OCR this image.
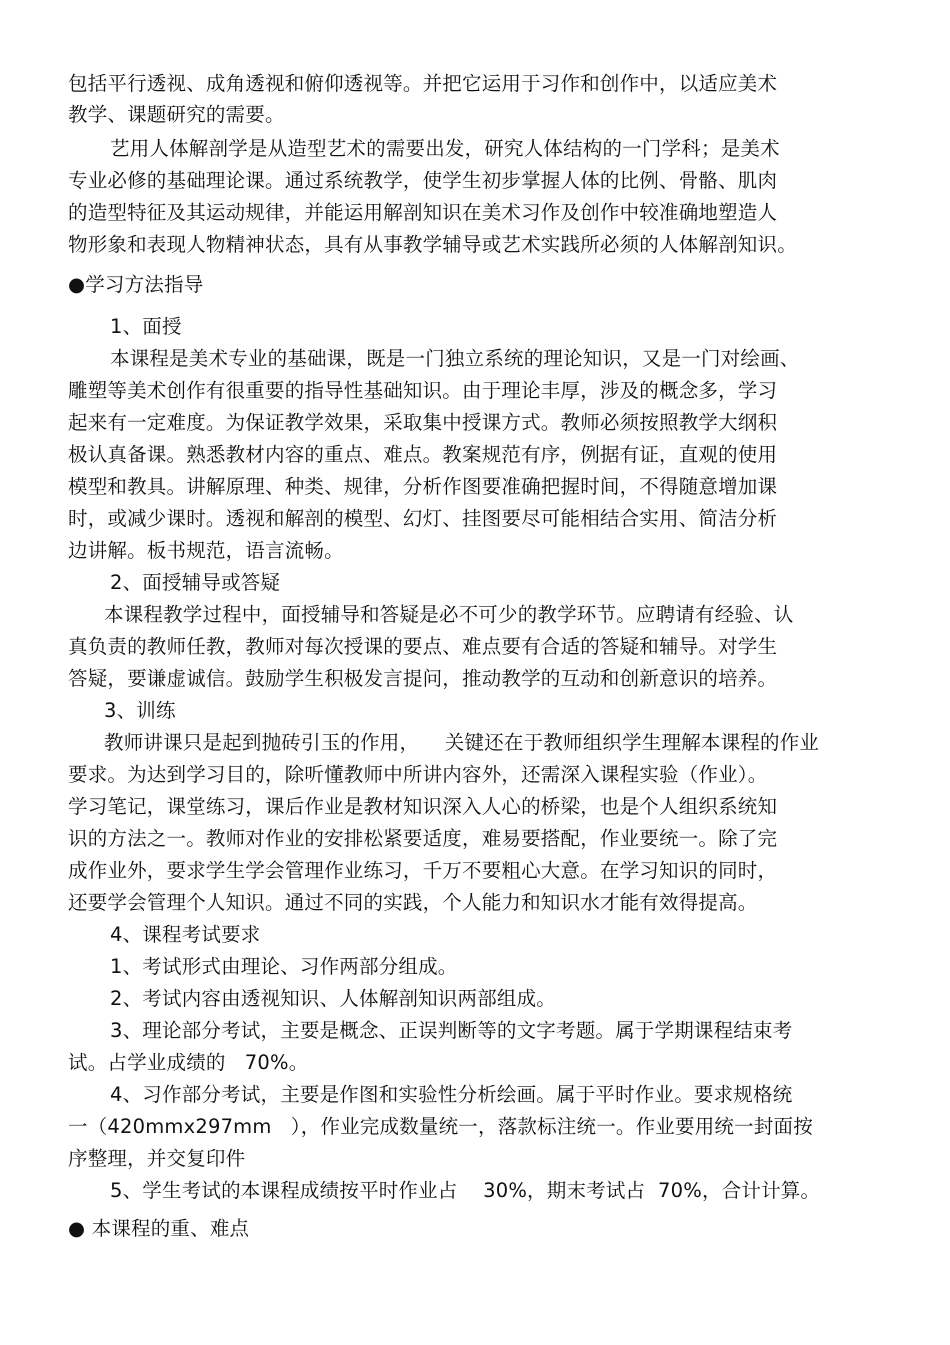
包括平行透视、成角透视和俯仰透视等。并把它运用于习作和创作中，以适应美术
教学、课题研究的需要。
艺用人体解剖学是从造型艺术的需要出发，研究人体结构的一门学科；是美术
专业必修的基础理论课。通过系统教学，使学生初步掌握人体的比例、骨骼、肌肉
的造型特征及其运动规律，并能运用解剖知识在美术习作及创作中较准确地塑造人
物形象和表现人物精神状态，具有从事教学辅导或艺术实践所必须的人体解剖知识。
●学习方法指导
1、面授
本课程是美术专业的基础课，既是一门独立系统的理论知识，又是一门对绘画、
雕塑等美术创作有很重要的指导性基础知识。由于理论丰厚，涉及的概念多，学习
起来有一定难度。为保证教学效果，采取集中授课方式。教师必须按照教学大纲积
极认真备课。熟悉教材内容的重点、难点。教案规范有序，例据有证，直观的使用
模型和教具。讲解原理、种类、规律，分析作图要准确把握时间，不得随意增加课
时，或减少课时。透视和解剖的模型、幻灯、挂图要尽可能相结合实用、简洁分析
边讲解。板书规范，语言流畅。
2、面授辅导或答疑
本课程教学过程中，面授辅导和答疑是必不可少的教学环节。应聘请有经验、认
真负责的教师任教，教师对每次授课的要点、难点要有合适的答疑和辅导。对学生
答疑，要谦虚诚信。鼓励学生积极发言提问，推动教学的互动和创新意识的培养。
3、训练
教师讲课只是起到抛砖引玉的作用，    关键还在于教师组织学生理解本课程的作业
要求。为达到学习目的，除听懂教师中所讲内容外，还需深入课程实验（作业）。
学习笔记，课堂练习，课后作业是教材知识深入人心的桥梁，也是个人组织系统知
识的方法之一。教师对作业的安排松紧要适度，难易要搭配，作业要统一。除了完
成作业外，要求学生学会管理作业练习，千万不要粗心大意。在学习知识的同时，
还要学会管理个人知识。通过不同的实践，个人能力和知识水才能有效得提高。
4、课程考试要求
1、考试形式由理论、习作两部分组成。
2、考试内容由透视知识、人体解剖知识两部组成。
3、理论部分考试，主要是概念、正误判断等的文字考题。属于学期课程结束考
试。占学业成绩的   70%。
4、习作部分考试，主要是作图和实验性分析绘画。属于平时作业。要求规格统
一（420mmx297mm   ），作业完成数量统一，落款标注统一。作业要用统一封面按
序整理，并交复印件
5、学生考试的本课程成绩按平时作业占    30%，期末考试占  70%，合计计算。
● 本课程的重、难点
